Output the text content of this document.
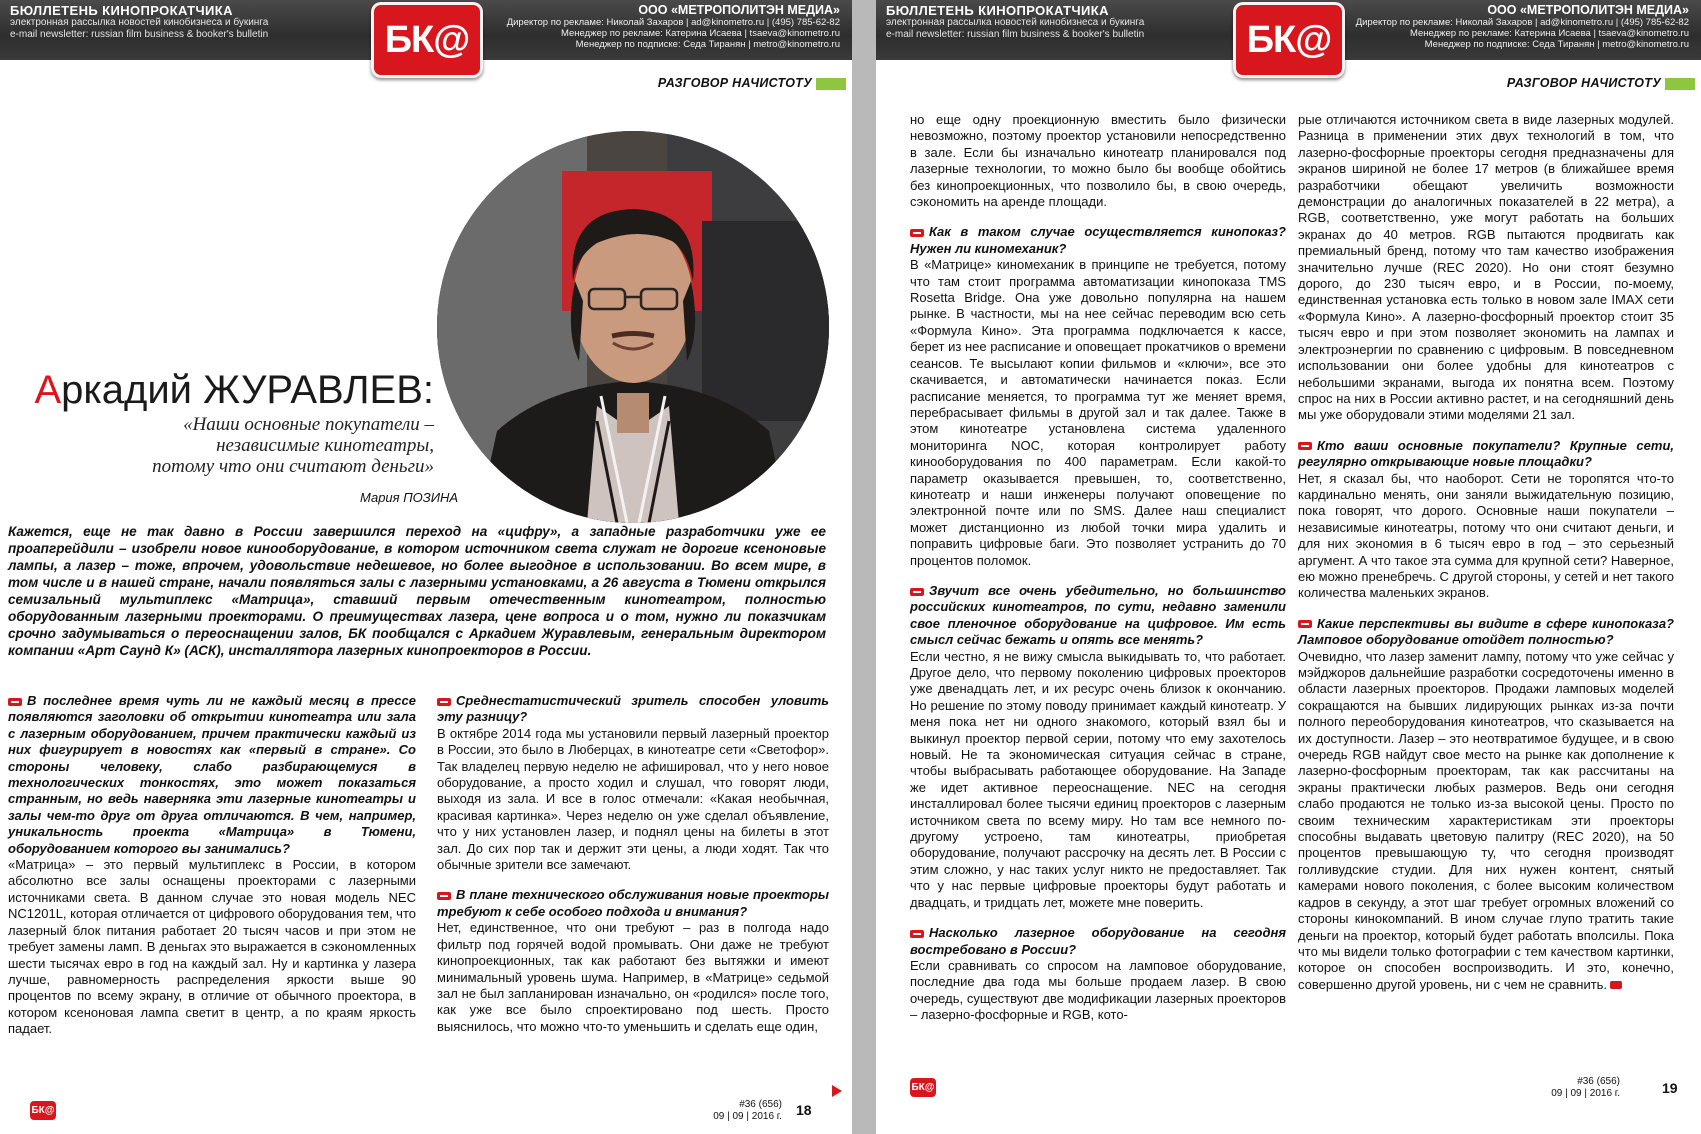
БЮЛЛЕТЕНЬ КИНОПРОКАТЧИКА
электронная рассылка новостей кинобизнеса и букинга
e-mail newsletter: russian film business & booker's bulletin
ООО «МЕТРОПОЛИТЭН МЕДИА»
Директор по рекламе: Николай Захаров | ad@kinometro.ru | (495) 785-62-82
Менеджер по рекламе: Катерина Исаева | tsaeva@kinometro.ru
Менеджер по подписке: Седа Тиранян | metro@kinometro.ru
БК@
РАЗГОВОР НАЧИСТОТУ
Аркадий ЖУРАВЛЕВ:
«Наши основные покупатели –
независимые кинотеатры,
потому что они считают деньги»
Мария ПОЗИНА
Кажется, еще не так давно в России завершился переход на «цифру», а западные разработчики уже ее проапгрейдили – изобрели новое кинооборудование, в котором источником света служат не дорогие ксеноновые лампы, а лазер – тоже, впрочем, удовольствие недешевое, но более выгодное в использовании. Во всем мире, в том числе и в нашей стране, начали появляться залы с лазерными установками, а 26 августа в Тюмени открылся семизальный мультиплекс «Матрица», ставший первым отечественным кинотеатром, полностью оборудованным лазерными проекторами. О преимуществах лазера, цене вопроса и о том, нужно ли показчикам срочно задумываться о переоснащении залов, БК пообщался с Аркадием Журавлевым, генеральным директором компании «Арт Саунд К» (АСК), инсталлятора лазерных кинопроекторов в России.

В последнее время чуть ли не каждый месяц в прессе появляются заголовки об открытии кинотеатра или зала с лазерным оборудованием, причем практически каждый из них фигурирует в новостях как «первый в стране». Со стороны человеку, слабо разбирающемуся в технологических тонкостях, это может показаться странным, но ведь наверняка эти лазерные кинотеатры и залы чем-то друг от друга отличаются. В чем, например, уникальность проекта «Матрица» в Тюмени, оборудованием которого вы занимались?

«Матрица» – это первый мультиплекс в России, в котором абсолютно все залы оснащены проекторами с лазерными источниками света. В данном случае это новая модель NEC NC1201L, которая отличается от цифрового оборудования тем, что лазерный блок питания работает 20 тысяч часов и при этом не требует замены ламп. В деньгах это выражается в сэкономленных шести тысячах евро в год на каждый зал. Ну и картинка у лазера лучше, равномерность распределения яркости выше 90 процентов по всему экрану, в отличие от обычного проектора, в котором ксеноновая лампа светит в центр, а по краям яркость падает.

Среднестатистический зритель способен уловить эту разницу?

В октябре 2014 года мы установили первый лазерный проектор в России, это было в Люберцах, в кинотеатре сети «Светофор». Так владелец первую неделю не афишировал, что у него новое оборудование, а просто ходил и слушал, что говорят люди, выходя из зала. И все в голос отмечали: «Какая необычная, красивая картинка». Через неделю он уже сделал объявление, что у них установлен лазер, и поднял цены на билеты в этот зал. До сих пор так и держит эти цены, а люди ходят. Так что обычные зрители все замечают.

В плане технического обслуживания новые проекторы требуют к себе особого подхода и внимания?

Нет, единственное, что они требуют – раз в полгода надо фильтр под горячей водой промывать. Они даже не требуют кинопроекционных, так как работают без вытяжки и имеют минимальный уровень шума. Например, в «Матрице» седьмой зал не был запланирован изначально, он «родился» после того, как уже все было спроектировано под шесть. Просто выяснилось, что можно что-то уменьшить и сделать еще один,

БК@
#36 (656)
09 | 09 | 2016 г. 18
БЮЛЛЕТЕНЬ КИНОПРОКАТЧИКА
электронная рассылка новостей кинобизнеса и букинга
e-mail newsletter: russian film business & booker's bulletin
ООО «МЕТРОПОЛИТЭН МЕДИА»
Директор по рекламе: Николай Захаров | ad@kinometro.ru | (495) 785-62-82
Менеджер по рекламе: Катерина Исаева | tsaeva@kinometro.ru
Менеджер по подписке: Седа Тиранян | metro@kinometro.ru
БК@
РАЗГОВОР НАЧИСТОТУ

но еще одну проекционную вместить было физически невозможно, поэтому проектор установили непосредственно в зале. Если бы изначально кинотеатр планировался под лазерные технологии, то можно было бы вообще обойтись без кинопроекционных, что позволило бы, в свою очередь, сэкономить на аренде площади.

Как в таком случае осуществляется кинопоказ? Нужен ли киномеханик?

В «Матрице» киномеханик в принципе не требуется, потому что там стоит программа автоматизации кинопоказа TMS Rosetta Bridge. Она уже довольно популярна на нашем рынке. В частности, мы на нее сейчас переводим всю сеть «Формула Кино». Эта программа подключается к кассе, берет из нее расписание и оповещает прокатчиков о времени сеансов. Те высылают копии фильмов и «ключи», все это скачивается, и автоматически начинается показ. Если расписание меняется, то программа тут же меняет время, перебрасывает фильмы в другой зал и так далее. Также в этом кинотеатре установлена система удаленного мониторинга NOC, которая контролирует работу кинооборудования по 400 параметрам. Если какой-то параметр оказывается превышен, то, соответственно, кинотеатр и наши инженеры получают оповещение по электронной почте или по SMS. Далее наш специалист может дистанционно из любой точки мира удалить и поправить цифровые баги. Это позволяет устранить до 70 процентов поломок.

Звучит все очень убедительно, но большинство российских кинотеатров, по сути, недавно заменили свое пленочное оборудование на цифровое. Им есть смысл сейчас бежать и опять все менять?

Если честно, я не вижу смысла выкидывать то, что работает. Другое дело, что первому поколению цифровых проекторов уже двенадцать лет, и их ресурс очень близок к окончанию. Но решение по этому поводу принимает каждый кинотеатр. У меня пока нет ни одного знакомого, который взял бы и выкинул проектор первой серии, потому что ему захотелось новый. Не та экономическая ситуация сейчас в стране, чтобы выбрасывать работающее оборудование. На Западе же идет активное переоснащение. NEC на сегодня инсталлировал более тысячи единиц проекторов с лазерным источником света по всему миру. Но там все немного по-другому устроено, там кинотеатры, приобретая оборудование, получают рассрочку на десять лет. В России с этим сложно, у нас таких услуг никто не предоставляет. Так что у нас первые цифровые проекторы будут работать и двадцать, и тридцать лет, можете мне поверить.

Насколько лазерное оборудование на сегодня востребовано в России?

Если сравнивать со спросом на ламповое оборудование, последние два года мы больше продаем лазер. В свою очередь, существуют две модификации лазерных проекторов – лазерно-фосфорные и RGB, кото-

рые отличаются источником света в виде лазерных модулей. Разница в применении этих двух технологий в том, что лазерно-фосфорные проекторы сегодня предназначены для экранов шириной не более 17 метров (в ближайшее время разработчики обещают увеличить возможности демонстрации до аналогичных показателей в 22 метра), а RGB, соответственно, уже могут работать на больших экранах до 40 метров. RGB пытаются продвигать как премиальный бренд, потому что там качество изображения значительно лучше (REC 2020). Но они стоят безумно дорого, до 230 тысяч евро, и в России, по-моему, единственная установка есть только в новом зале IMAX сети «Формула Кино». А лазерно-фосфорный проектор стоит 35 тысяч евро и при этом позволяет экономить на лампах и электроэнергии по сравнению с цифровым. В повседневном использовании они более удобны для кинотеатров с небольшими экранами, выгода их понятна всем. Поэтому спрос на них в России активно растет, и на сегодняшний день мы уже оборудовали этими моделями 21 зал.

Кто ваши основные покупатели? Крупные сети, регулярно открывающие новые площадки?

Нет, я сказал бы, что наоборот. Сети не торопятся что-то кардинально менять, они заняли выжидательную позицию, пока говорят, что дорого. Основные наши покупатели – независимые кинотеатры, потому что они считают деньги, и для них экономия в 6 тысяч евро в год – это серьезный аргумент. А что такое эта сумма для крупной сети? Наверное, ею можно пренебречь. С другой стороны, у сетей и нет такого количества маленьких экранов.

Какие перспективы вы видите в сфере кинопоказа? Ламповое оборудование отойдет полностью?

Очевидно, что лазер заменит лампу, потому что уже сейчас у мэйджоров дальнейшие разработки сосредоточены именно в области лазерных проекторов. Продажи ламповых моделей сокращаются на бывших лидирующих рынках из-за почти полного переоборудования кинотеатров, что сказывается на их доступности. Лазер – это неотвратимое будущее, и в свою очередь RGB найдут свое место на рынке как дополнение к лазерно-фосфорным проекторам, так как рассчитаны на экраны практически любых размеров. Ведь они сегодня слабо продаются не только из-за высокой цены. Просто по своим техническим характеристикам эти проекторы способны выдавать цветовую палитру (REC 2020), на 50 процентов превышающую ту, что сегодня производят голливудские студии. Для них нужен контент, снятый камерами нового поколения, с более высоким количеством кадров в секунду, а этот шаг требует огромных вложений со стороны кинокомпаний. В ином случае глупо тратить такие деньги на проектор, который будет работать вполсилы. Пока что мы видели только фотографии с тем качеством картинки, которое он способен воспроизводить. И это, конечно, совершенно другой уровень, ни с чем не сравнить.

БК@
#36 (656)
09 | 09 | 2016 г.	19
